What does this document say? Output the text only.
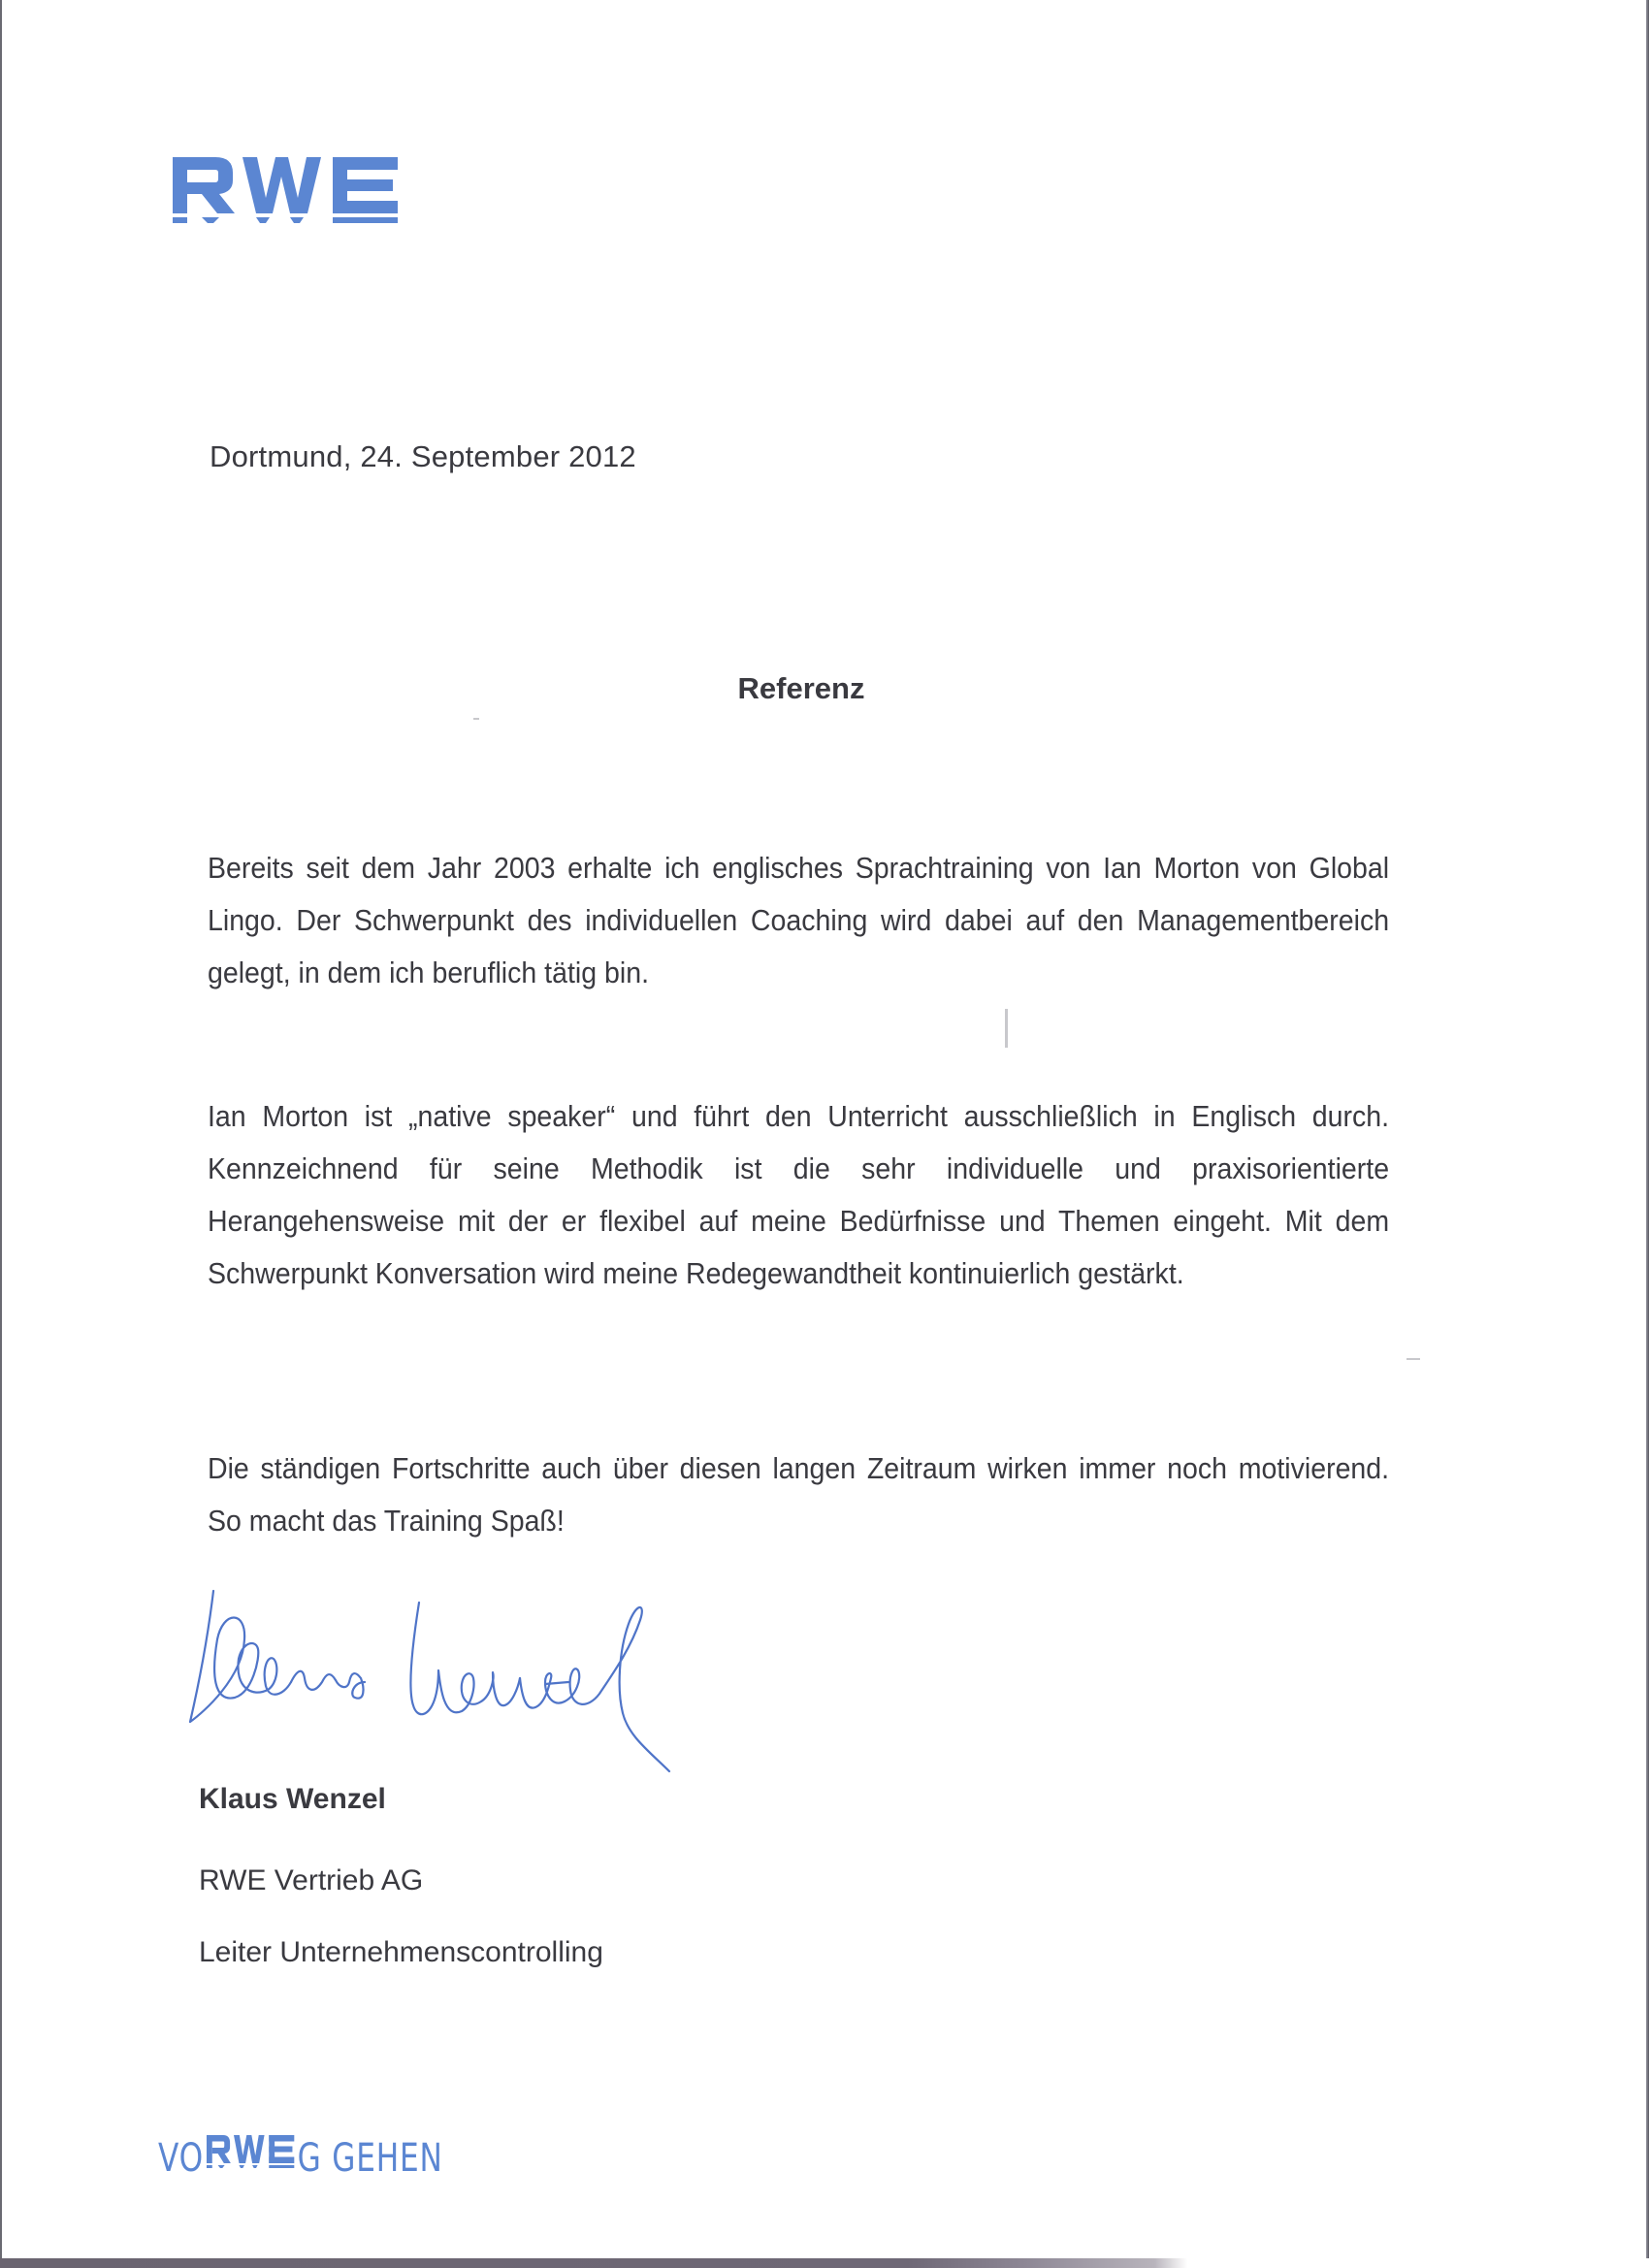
Dortmund, 24. September 2012
Referenz

Bereits seit dem Jahr 2003 erhalte ich englisches Sprachtraining von Ian Morton von Global Lingo. Der Schwerpunkt des individuellen Coaching wird dabei auf den Managementbereich gelegt, in dem ich beruflich tätig bin.

Ian Morton ist „native speaker“ und führt den Unterricht ausschließlich in Englisch durch. Kennzeichnend für seine Methodik ist die sehr individuelle und praxisorientierte Herangehensweise mit der er flexibel auf meine Bedürfnisse und Themen eingeht. Mit dem Schwerpunkt Konversation wird meine Redegewandtheit kontinuierlich gestärkt.

Die ständigen Fortschritte auch über diesen langen Zeitraum wirken immer noch motivierend. So macht das Training Spaß!

Klaus Wenzel
RWE Vertrieb AG
Leiter Unternehmenscontrolling
VO G GEHEN
